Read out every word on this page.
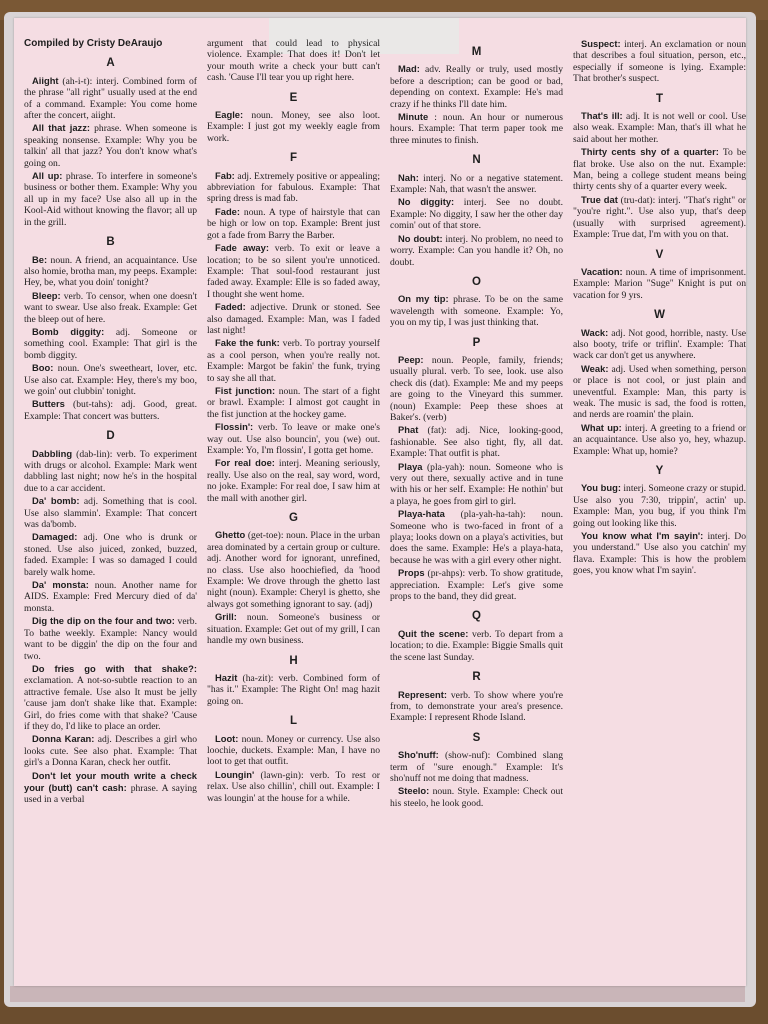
Compiled by Cristy DeAraujo
A
Aiight (ah-i-t): interj. Combined form of the phrase "all right" usually used at the end of a command. Example: You come home after the concert, aiight.
All that jazz: phrase. When someone is speaking nonsense. Example: Why you be talkin' all that jazz? You don't know what's going on.
All up: phrase. To interfere in someone's business or bother them. Example: Why you all up in my face? Use also all up in the Kool-Aid without knowing the flavor; all up in the grill.
B
Be: noun. A friend, an acquaintance. Use also homie, brotha man, my peeps. Example: Hey, be, what you doin' tonight?
Bleep: verb. To censor, when one doesn't want to swear. Use also freak. Example: Get the bleep out of here.
Bomb diggity: adj. Someone or something cool. Example: That girl is the bomb diggity.
Boo: noun. One's sweetheart, lover, etc. Use also cat. Example: Hey, there's my boo, we goin' out clubbin' tonight.
Butters (but-tahs): adj. Good, great. Example: That concert was butters.
D
Dabbling (dab-lin): verb. To experiment with drugs or alcohol. Example: Mark went dabbling last night; now he's in the hospital due to a car accident.
Da' bomb: adj. Something that is cool. Use also slammin'. Example: That concert was da'bomb.
Damaged: adj. One who is drunk or stoned. Use also juiced, zonked, buzzed, faded. Example: I was so damaged I could barely walk home.
Da' monsta: noun. Another name for AIDS. Example: Fred Mercury died of da' monsta.
Dig the dip on the four and two: verb. To bathe weekly. Example: Nancy would want to be diggin' the dip on the four and two.
Do fries go with that shake?: exclamation. A not-so-subtle reaction to an attractive female. Use also It must be jelly 'cause jam don't shake like that. Example: Girl, do fries come with that shake? 'Cause if they do, I'd like to place an order.
Donna Karan: adj. Describes a girl who looks cute. See also phat. Example: That girl's a Donna Karan, check her outfit.
Don't let your mouth write a check your (butt) can't cash: phrase. A saying used in a verbal
argument that could lead to physical violence. Example: That does it! Don't let your mouth write a check your butt can't cash. 'Cause I'll tear you up right here.
E
Eagle: noun. Money, see also loot. Example: I just got my weekly eagle from work.
F
Fab: adj. Extremely positive or appealing; abbreviation for fabulous. Example: That spring dress is mad fab.
Fade: noun. A type of hairstyle that can be high or low on top. Example: Brent just got a fade from Barry the Barber.
Fade away: verb. To exit or leave a location; to be so silent you're unnoticed. Example: That soul-food restaurant just faded away. Example: Elle is so faded away, I thought she went home.
Faded: adjective. Drunk or stoned. See also damaged. Example: Man, was I faded last night!
Fake the funk: verb. To portray yourself as a cool person, when you're really not. Example: Margot be fakin' the funk, trying to say she all that.
Fist junction: noun. The start of a fight or brawl. Example: I almost got caught in the fist junction at the hockey game.
Flossin': verb. To leave or make one's way out. Use also bouncin', you (we) out. Example: Yo, I'm flossin', I gotta get home.
For real doe: interj. Meaning seriously, really. Use also on the real, say word, word, no joke. Example: For real doe, I saw him at the mall with another girl.
G
Ghetto (get-toe): noun. Place in the urban area dominated by a certain group or culture. adj. Another word for ignorant, unrefined, no class. Use also hoochiefied, da 'hood Example: We drove through the ghetto last night (noun). Example: Cheryl is ghetto, she always got something ignorant to say. (adj)
Grill: noun. Someone's business or situation. Example: Get out of my grill, I can handle my own business.
H
Hazit (ha-zit): verb. Combined form of "has it." Example: The Right On! mag hazit going on.
L
Loot: noun. Money or currency. Use also loochie, duckets. Example: Man, I have no loot to get that outfit.
Loungin' (lawn-gin): verb. To rest or relax. Use also chillin', chill out. Example: I was loungin' at the house for a while.
M
Mad: adv. Really or truly, used mostly before a description; can be good or bad, depending on context. Example: He's mad crazy if he thinks I'll date him.
Minute : noun. An hour or numerous hours. Example: That term paper took me three minutes to finish.
N
Nah: interj. No or a negative statement. Example: Nah, that wasn't the answer.
No diggity: interj. See no doubt. Example: No diggity, I saw her the other day comin' out of that store.
No doubt: interj. No problem, no need to worry. Example: Can you handle it? Oh, no doubt.
O
On my tip: phrase. To be on the same wavelength with someone. Example: Yo, you on my tip, I was just thinking that.
P
Peep: noun. People, family, friends; usually plural. verb. To see, look. use also check dis (dat). Example: Me and my peeps are going to the Vineyard this summer. (noun) Example: Peep these shoes at Baker's. (verb)
Phat (fat): adj. Nice, looking-good, fashionable. See also tight, fly, all dat. Example: That outfit is phat.
Playa (pla-yah): noun. Someone who is very out there, sexually active and in tune with his or her self. Example: He nothin' but a playa, he goes from girl to girl.
Playa-hata (pla-yah-ha-tah): noun. Someone who is two-faced in front of a playa; looks down on a playa's activities, but does the same. Example: He's a playa-hata, because he was with a girl every other night.
Props (pr-ahps): verb. To show gratitude, appreciation. Example: Let's give some props to the band, they did great.
Q
Quit the scene: verb. To depart from a location; to die. Example: Biggie Smalls quit the scene last Sunday.
R
Represent: verb. To show where you're from, to demonstrate your area's presence. Example: I represent Rhode Island.
S
Sho'nuff: (show-nuf): Combined slang term of "sure enough." Example: It's sho'nuff not me doing that madness.
Steelo: noun. Style. Example: Check out his steelo, he look good.
Suspect: interj. An exclamation or noun that describes a foul situation, person, etc., especially if someone is lying. Example: That brother's suspect.
T
That's ill: adj. It is not well or cool. Use also weak. Example: Man, that's ill what he said about her mother.
Thirty cents shy of a quarter: To be flat broke. Use also on the nut. Example: Man, being a college student means being thirty cents shy of a quarter every week.
True dat (tru-dat): interj. "That's right" or "you're right.". Use also yup, that's deep (usually with surprised agreement). Example: True dat, I'm with you on that.
V
Vacation: noun. A time of imprisonment. Example: Marion "Suge" Knight is put on vacation for 9 yrs.
W
Wack: adj. Not good, horrible, nasty. Use also booty, trife or triflin'. Example: That wack car don't get us anywhere.
Weak: adj. Used when something, person or place is not cool, or just plain and uneventful. Example: Man, this party is weak. The music is sad, the food is rotten, and nerds are roamin' the plain.
What up: interj. A greeting to a friend or an acquaintance. Use also yo, hey, whazup. Example: What up, homie?
Y
You bug: interj. Someone crazy or stupid. Use also you 7:30, trippin', actin' up. Example: Man, you bug, if you think I'm going out looking like this.
You know what I'm sayin': interj. Do you understand." Use also you catchin' my flava. Example: This is how the problem goes, you know what I'm sayin'.
